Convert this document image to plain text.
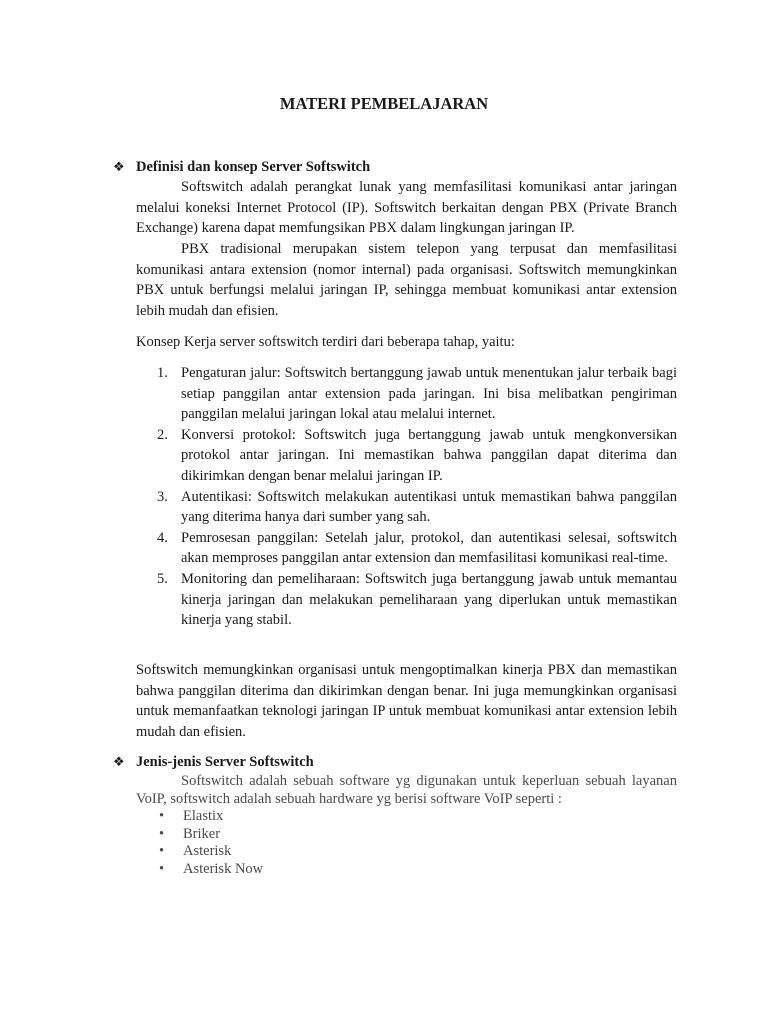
MATERI PEMBELAJARAN
❖ Definisi dan konsep Server Softswitch
Softswitch adalah perangkat lunak yang memfasilitasi komunikasi antar jaringan melalui koneksi Internet Protocol (IP). Softswitch berkaitan dengan PBX (Private Branch Exchange) karena dapat memfungsikan PBX dalam lingkungan jaringan IP.
PBX tradisional merupakan sistem telepon yang terpusat dan memfasilitasi komunikasi antara extension (nomor internal) pada organisasi. Softswitch memungkinkan PBX untuk berfungsi melalui jaringan IP, sehingga membuat komunikasi antar extension lebih mudah dan efisien.
Konsep Kerja server softswitch terdiri dari beberapa tahap, yaitu:
1. Pengaturan jalur: Softswitch bertanggung jawab untuk menentukan jalur terbaik bagi setiap panggilan antar extension pada jaringan. Ini bisa melibatkan pengiriman panggilan melalui jaringan lokal atau melalui internet.
2. Konversi protokol: Softswitch juga bertanggung jawab untuk mengkonversikan protokol antar jaringan. Ini memastikan bahwa panggilan dapat diterima dan dikirimkan dengan benar melalui jaringan IP.
3. Autentikasi: Softswitch melakukan autentikasi untuk memastikan bahwa panggilan yang diterima hanya dari sumber yang sah.
4. Pemrosesan panggilan: Setelah jalur, protokol, dan autentikasi selesai, softswitch akan memproses panggilan antar extension dan memfasilitasi komunikasi real-time.
5. Monitoring dan pemeliharaan: Softswitch juga bertanggung jawab untuk memantau kinerja jaringan dan melakukan pemeliharaan yang diperlukan untuk memastikan kinerja yang stabil.
Softswitch memungkinkan organisasi untuk mengoptimalkan kinerja PBX dan memastikan bahwa panggilan diterima dan dikirimkan dengan benar. Ini juga memungkinkan organisasi untuk memanfaatkan teknologi jaringan IP untuk membuat komunikasi antar extension lebih mudah dan efisien.
❖ Jenis-jenis Server Softswitch
Softswitch adalah sebuah software yg digunakan untuk keperluan sebuah layanan VoIP, softswitch adalah sebuah hardware yg berisi software VoIP seperti :
• Elastix
• Briker
• Asterisk
• Asterisk Now
